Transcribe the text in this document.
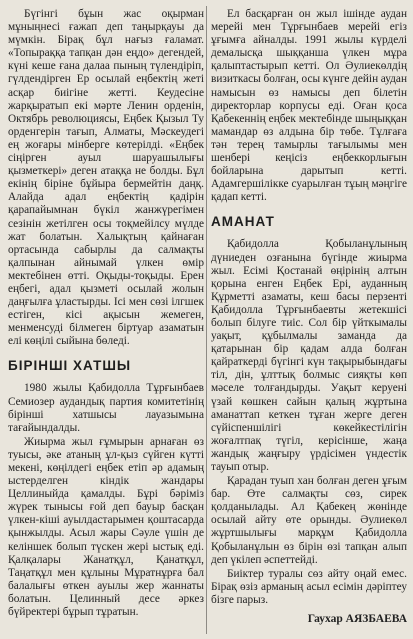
Бүгінгі бұын жас оқырман мұныңнесі ғажап деп таңырқауы да мүмкін. Бірақ бұл нағыз ғаламат. «Топыраққа тапқан дән еңдо» дегендей, күні кеше ғана далаа пының түлендіріп, гүлдендірген Ер осылай еңбектің жеті асқар биігіне жетті. Кеудесіне жарқыратып екі мәрте Ленин орденін, Октябрь революциясы, Еңбек Қызыл Ту орденгерін тағып, Алматы, Мәскеудегі ең жоғары мінберге көтерілді. «Еңбек сіңірген ауыл шаруашылығы қызметкері» деген атаққа не болды. Бұл екінің біріне бұйыра бермейтін даңқ. Алайда адал еңбектің қадірін қарапайымнан бүкіл жанжүрегімен сезінін жетілген осы тоқмейілсу мүлде жат болатын. Халықтың қайнаған ортасында сабырлы да салмақты қалпынан айнымай үлкен өмір мектебінен өтті. Оқыды-тоқыды. Ерен еңбегі, адал қызметі осылай жолын даңғылға ұластырды. Ісі мен сөзі ілгшек естіген, кісі ақысын жемеген, менменсуді білмеген біртуар азаматын елі көңілі сыйына бөледі.

БІРІНШІ ХАТШЫ

1980 жылы Қабидолла Тұрғынбаев Семиозер аудандық партия комитетінің бірінші хатшысы лауазымына тағайындалды.

Жиырма жыл ғұмырын арнаған өз туысы, әке атаның ұл-қыз сүйген күтті мекені, көңілдегі еңбек етіп әр адамың ыстерделген кіндік жандары Целлиныйда қамалды. Бұрі бәріміз жүрек тынысы ғой деп бауыр басқан үлкен-кіші ауылдастарымен қоштасарда қынжылды. Асыл жары Сәуле үшін де келіншек болып түскен жері ыстық еді. Қалқалары Жанатқұл, Қанатқұл, Таңатқұл мен құлыны Мұратнұрға бал балалығы өткен ауылы жер жаннаты болатын. Целинный десе әркез бүйректері бұрып тұратын.

Ел басқарған он жыл ішінде аудан мерейі мен Тұрғынбаев мерейі егіз ұғымға айналды. 1991 жылы күрделі демалысқа шыққанша үлкен мұра қалыптастырып кетті. Ол Әулиекөлдің визиткасы болған, осы күнге дейін аудан намысын өз намысы деп білетін директорлар корпусы еді. Оған қоса Қабекеннің еңбек мектебінде шыңыққан мамандар өз алдына бір төбе. Тұлғаға тән терең тамырлы тағылымы мен шенбері кеңісіз еңбеккорлығын бойларына дарытып кетті. Адамгершілікке суарылған тұың мәңгіге қадап кетті.

АМАНАТ

Қабидолла Қобыланұлының дүниеден озғанына бүгінде жиырма жыл. Есімі Қостанай өңірінің алтын қорына енген Еңбек Ері, ауданның Құрметті азаматы, кеш басы перзенті Қабидолла Тұрғынбаевты жетекшісі болып білуге тиіс. Сол бір үйткымалы уақыт, құбылмалы заманда да қатарынан бір қадам алда болған қайраткерді бүгінгі күн тақырыбындағы тіл, дін, ұлттық болмыс сияқты көп мәселе толғандырды. Уақыт керуені үзай көшкен сайын қалың жұртына аманаттап кеткен тұған жерге деген сүйіспеншілігі көкейкестілігін жоғалтпақ түгіл, керісінше, жаңа жандық жаңғыру үрдісімен үндестік тауып отыр.

Қарадан туып хан болған деген ұғым бар. Өте салмақты сөз, сирек қолданылады. Ал Қабекең жөнінде осылай айту өте орынды. Әулиекөл жұртшылығы марқұм Қабидолла Қобыланұлын өз бірін өзі тапқан алып деп үкілеп әспеттейді.

Биіктер туралы сөз айту оңай емес. Бірақ өзіз арманың асыл есімін дәріптеу бізге парыз.

Гаухар АЯЗБАЕВА
